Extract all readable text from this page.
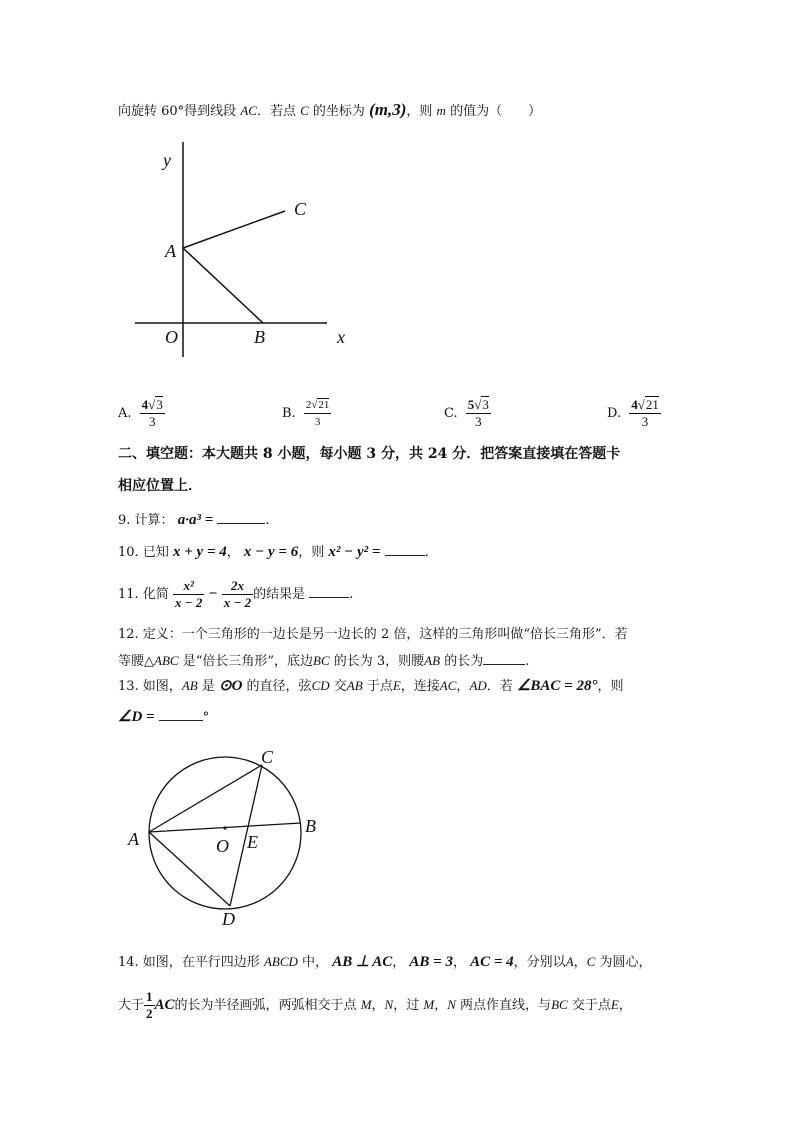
向旋转 60°得到线段 AC．若点 C 的坐标为 (m,3)，则 m 的值为（　　）
y
A
C
O	B	x
A. $\frac{4√3}{3}$	B. $\frac{2√21}{3}$	C. $\frac{5√3}{3}$	D. $\frac{4√21}{3}$
二、填空题：本大题共 8 小题，每小题 3 分，共 24 分．把答案直接填在答题卡
相应位置上．
9. 计算： a·a³ =	.
10. 已知 x + y = 4， x − y = 6，则 x² − y² =	.
11. 化简 $\frac{\text{x²}}{x - 2} - \frac{2x}{x - 2}$ 的结果是	.
12. 定义：一个三角形的一边长是另一边长的 2 倍，这样的三角形叫做“倍长三角形”．若
等腰△ABC 是“倍长三角形”，底边BC 的长为 3，则腰AB 的长为	.
13. 如图，AB 是 ⊙O 的直径，弦CD 交AB 于点E，连接AC，AD．若 ∠BAC = 28°，则
∠D =	°
A
B
C
D
O E
14. 如图，在平行四边形 ABCD 中， AB ⊥ AC， AB = 3， AC = 4，分别以A，C 为圆心，
大于 $\frac{1}{2}$ AC的长为半径画弧，两弧相交于点 M，N，过 M，N 两点作直线，与BC 交于点E，
